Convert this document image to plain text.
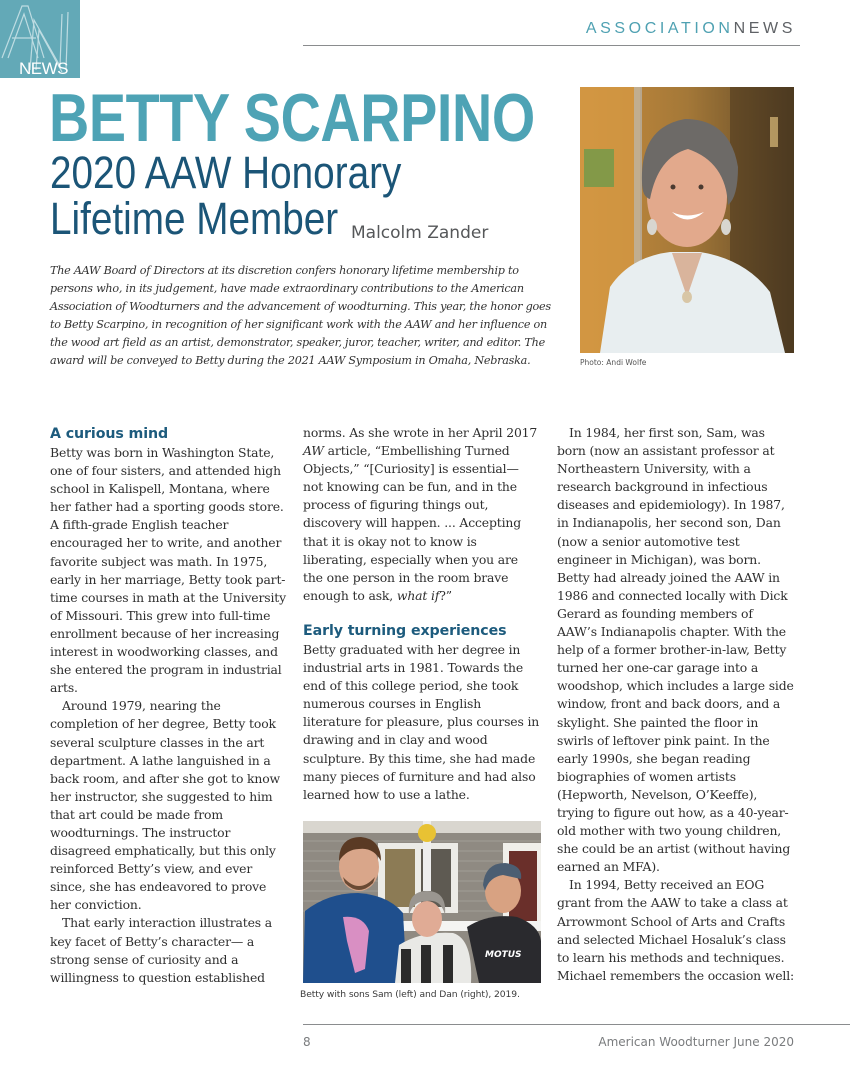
NEWS
ASSOCIATIONNEWS
BETTY SCARPINO
2020 AAW Honorary
Lifetime Member Malcolm Zander

The AAW Board of Directors at its discretion confers honorary lifetime membership to persons who, in its judgement, have made extraordinary contributions to the American Association of Woodturners and the advancement of woodturning. This year, the honor goes to Betty Scarpino, in recognition of her significant work with the AAW and her influence on the wood art field as an artist, demonstrator, speaker, juror, teacher, writer, and editor. The award will be conveyed to Betty during the 2021 AAW Symposium in Omaha, Nebraska.	Photo: Andi Wolfe
A curious mind

Betty was born in Washington State, one of four sisters, and attended high school in Kalispell, Montana, where her father had a sporting goods store. A fifth-grade English teacher encouraged her to write, and another favorite subject was math. In 1975, early in her marriage, Betty took part-time courses in math at the University of Missouri. This grew into full-time enrollment because of her increasing interest in woodworking classes, and she entered the program in industrial arts.

Around 1979, nearing the completion of her degree, Betty took several sculpture classes in the art department. A lathe languished in a back room, and after she got to know her instructor, she suggested to him that art could be made from woodturnings. The instructor disagreed emphatically, but this only reinforced Betty’s view, and ever since, she has endeavored to prove her conviction.

That early interaction illustrates a key facet of Betty’s character— a strong sense of curiosity and a willingness to question established

norms. As she wrote in her April 2017 AW article, “Embellishing Turned Objects,” “[Curiosity] is essential— not knowing can be fun, and in the process of figuring things out, discovery will happen. ... Accepting that it is okay not to know is liberating, especially when you are the one person in the room brave enough to ask, what if?”

Early turning experiences

Betty graduated with her degree in industrial arts in 1981. Towards the end of this college period, she took numerous courses in English literature for pleasure, plus courses in drawing and in clay and wood sculpture. By this time, she had made many pieces of furniture and had also learned how to use a lathe.

MOTUS
Betty with sons Sam (left) and Dan (right), 2019.

In 1984, her first son, Sam, was born (now an assistant professor at Northeastern University, with a research background in infectious diseases and epidemiology). In 1987, in Indianapolis, her second son, Dan (now a senior automotive test engineer in Michigan), was born. Betty had already joined the AAW in 1986 and connected locally with Dick Gerard as founding members of AAW’s Indianapolis chapter. With the help of a former brother-in-law, Betty turned her one-car garage into a woodshop, which includes a large side window, front and back doors, and a skylight. She painted the floor in swirls of leftover pink paint. In the early 1990s, she began reading biographies of women artists (Hepworth, Nevelson, O’Keeffe), trying to figure out how, as a 40-year-old mother with two young children, she could be an artist (without having earned an MFA).

In 1994, Betty received an EOG grant from the AAW to take a class at Arrowmont School of Arts and Crafts and selected Michael Hosaluk’s class to learn his methods and techniques. Michael remembers the occasion well:

8	American Woodturner June 2020
